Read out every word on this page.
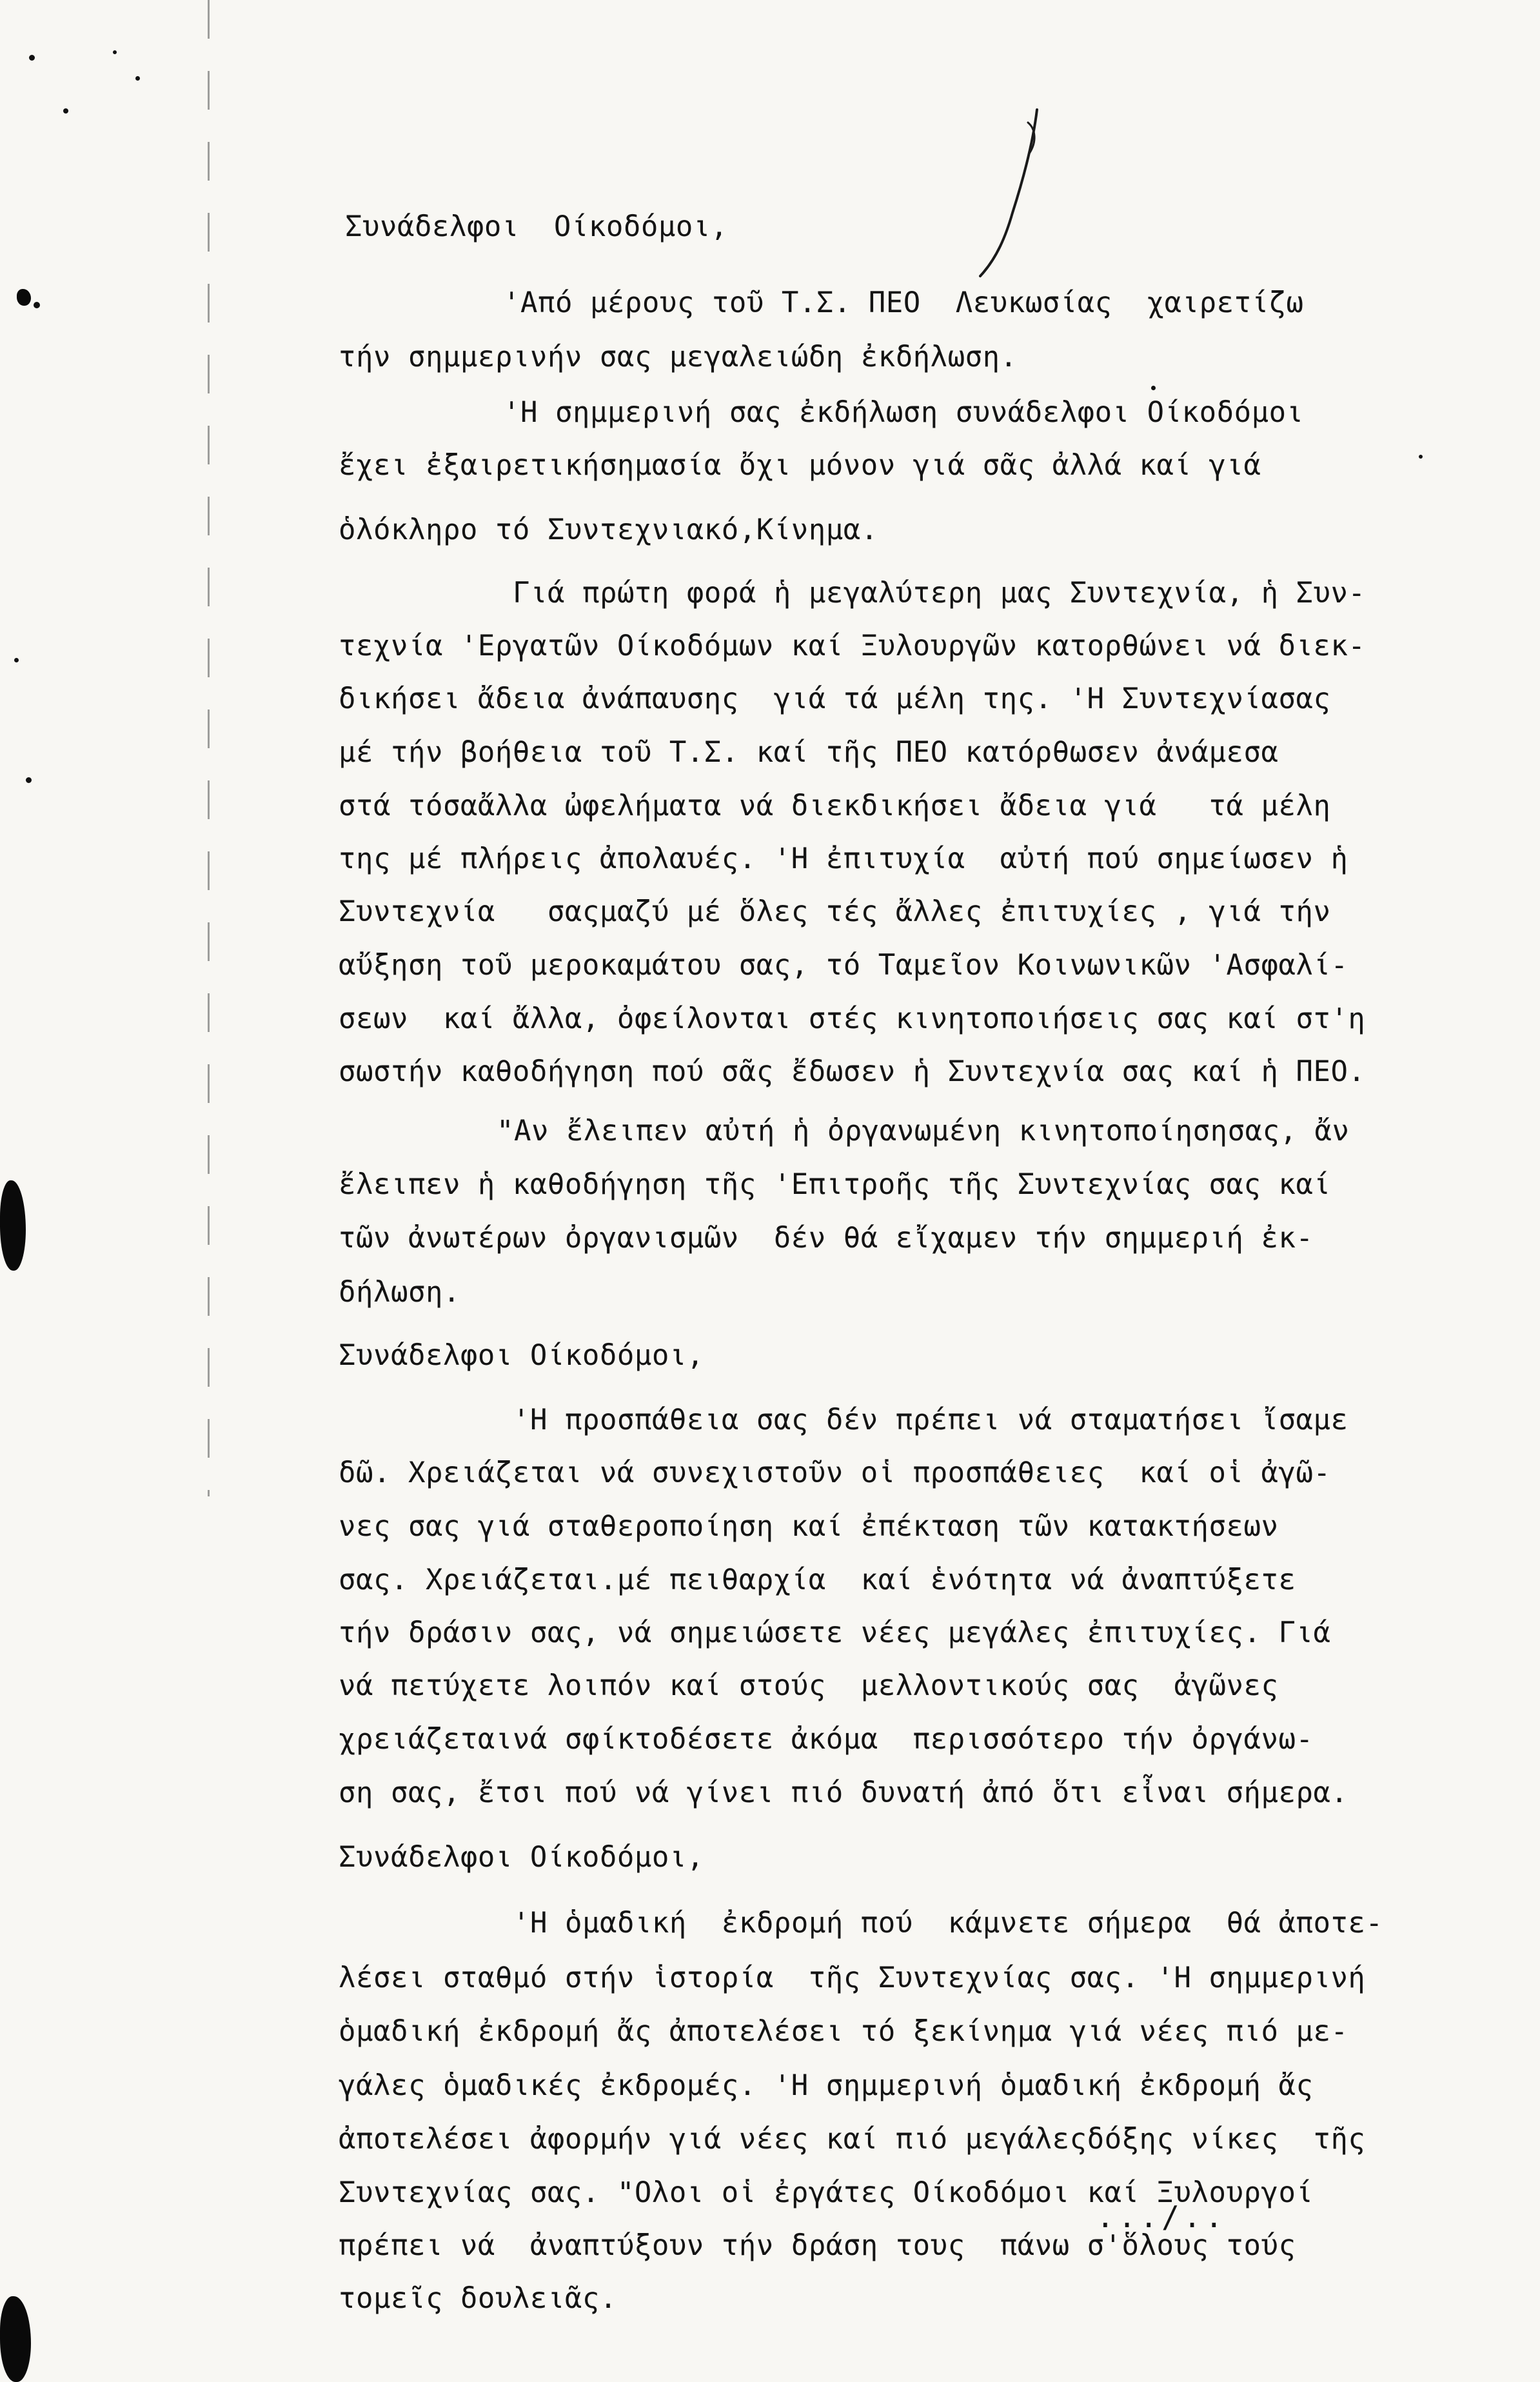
Συνάδελφοι  Οίκοδόμοι,
'Από μέρους τοῦ Τ.Σ. ΠΕΟ  Λευκωσίας  χαιρετίζω
τήν σημμερινήν σας μεγαλειώδη ἐκδήλωση.
'Η σημμερινή σας ἐκδήλωση συνάδελφοι Οίκοδόμοι
ἔχει ἐξαιρετικήσημασία ὄχι μόνον γιά σᾶς ἀλλά καί γιά
ὁλόκληρο τό Συντεχνιακό,Κίνημα.
Γιά πρώτη φορά ἡ μεγαλύτερη μας Συντεχνία, ἡ Συν-
τεχνία 'Εργατῶν Οίκοδόμων καί Ξυλουργῶν κατορθώνει νά διεκ-
δικήσει ἄδεια ἀνάπαυσης  γιά τά μέλη της. 'Η Συντεχνίασας
μέ τήν βοήθεια τοῦ Τ.Σ. καί τῆς ΠΕΟ κατόρθωσεν ἀνάμεσα
στά τόσαἄλλα ὠφελήματα νά διεκδικήσει ἄδεια γιά   τά μέλη
της μέ πλήρεις ἀπολαυές. 'Η ἐπιτυχία  αὐτή πού σημείωσεν ἡ
Συντεχνία   σαςμαζύ μέ ὅλες τές ἄλλες ἐπιτυχίες , γιά τήν
αὔξηση τοῦ μεροκαμάτου σας, τό Ταμεῖον Κοινωνικῶν 'Ασφαλί-
σεων  καί ἄλλα, ὀφείλονται στές κινητοποιήσεις σας καί στ'η
σωστήν καθοδήγηση πού σᾶς ἔδωσεν ἡ Συντεχνία σας καί ἡ ΠΕΟ.
"Αν ἔλειπεν αὐτή ἡ ὀργανωμένη κινητοποίησησας, ἄν
ἔλειπεν ἡ καθοδήγηση τῆς 'Επιτροῆς τῆς Συντεχνίας σας καί
τῶν ἀνωτέρων ὀργανισμῶν  δέν θά εἴχαμεν τήν σημμεριή ἐκ-
δήλωση.
Συνάδελφοι Οίκοδόμοι,
'Η προσπάθεια σας δέν πρέπει νά σταματήσει ἴσαμε
δῶ. Χρειάζεται νά συνεχιστοῦν οἱ προσπάθειες  καί οἱ ἀγῶ-
νες σας γιά σταθεροποίηση καί ἐπέκταση τῶν κατακτήσεων
σας. Χρειάζεται.μέ πειθαρχία  καί ἑνότητα νά ἀναπτύξετε
τήν δράσιν σας, νά σημειώσετε νέες μεγάλες ἐπιτυχίες. Γιά
νά πετύχετε λοιπόν καί στούς  μελλοντικούς σας  ἀγῶνες
χρειάζεταινά σφίκτοδέσετε ἀκόμα  περισσότερο τήν ὀργάνω-
ση σας, ἔτσι πού νά γίνει πιό δυνατή ἀπό ὅτι εἶναι σήμερα.
Συνάδελφοι Οίκοδόμοι,
'Η ὁμαδική  ἐκδρομή πού  κάμνετε σήμερα  θά ἀποτε-
λέσει σταθμό στήν ἱστορία  τῆς Συντεχνίας σας. 'Η σημμερινή
ὁμαδική ἐκδρομή ἄς ἀποτελέσει τό ξεκίνημα γιά νέες πιό με-
γάλες ὁμαδικές ἐκδρομές. 'Η σημμερινή ὁμαδική ἐκδρομή ἄς
ἀποτελέσει ἀφορμήν γιά νέες καί πιό μεγάλεςδόξης νίκες  τῆς
Συντεχνίας σας. "Ολοι οἱ ἐργάτες Οίκοδόμοι καί Ξυλουργοί
πρέπει νά  ἀναπτύξουν τήν δράση τους  πάνω σ'ὅλους τούς
τομεῖς δουλειᾶς.
.../..
